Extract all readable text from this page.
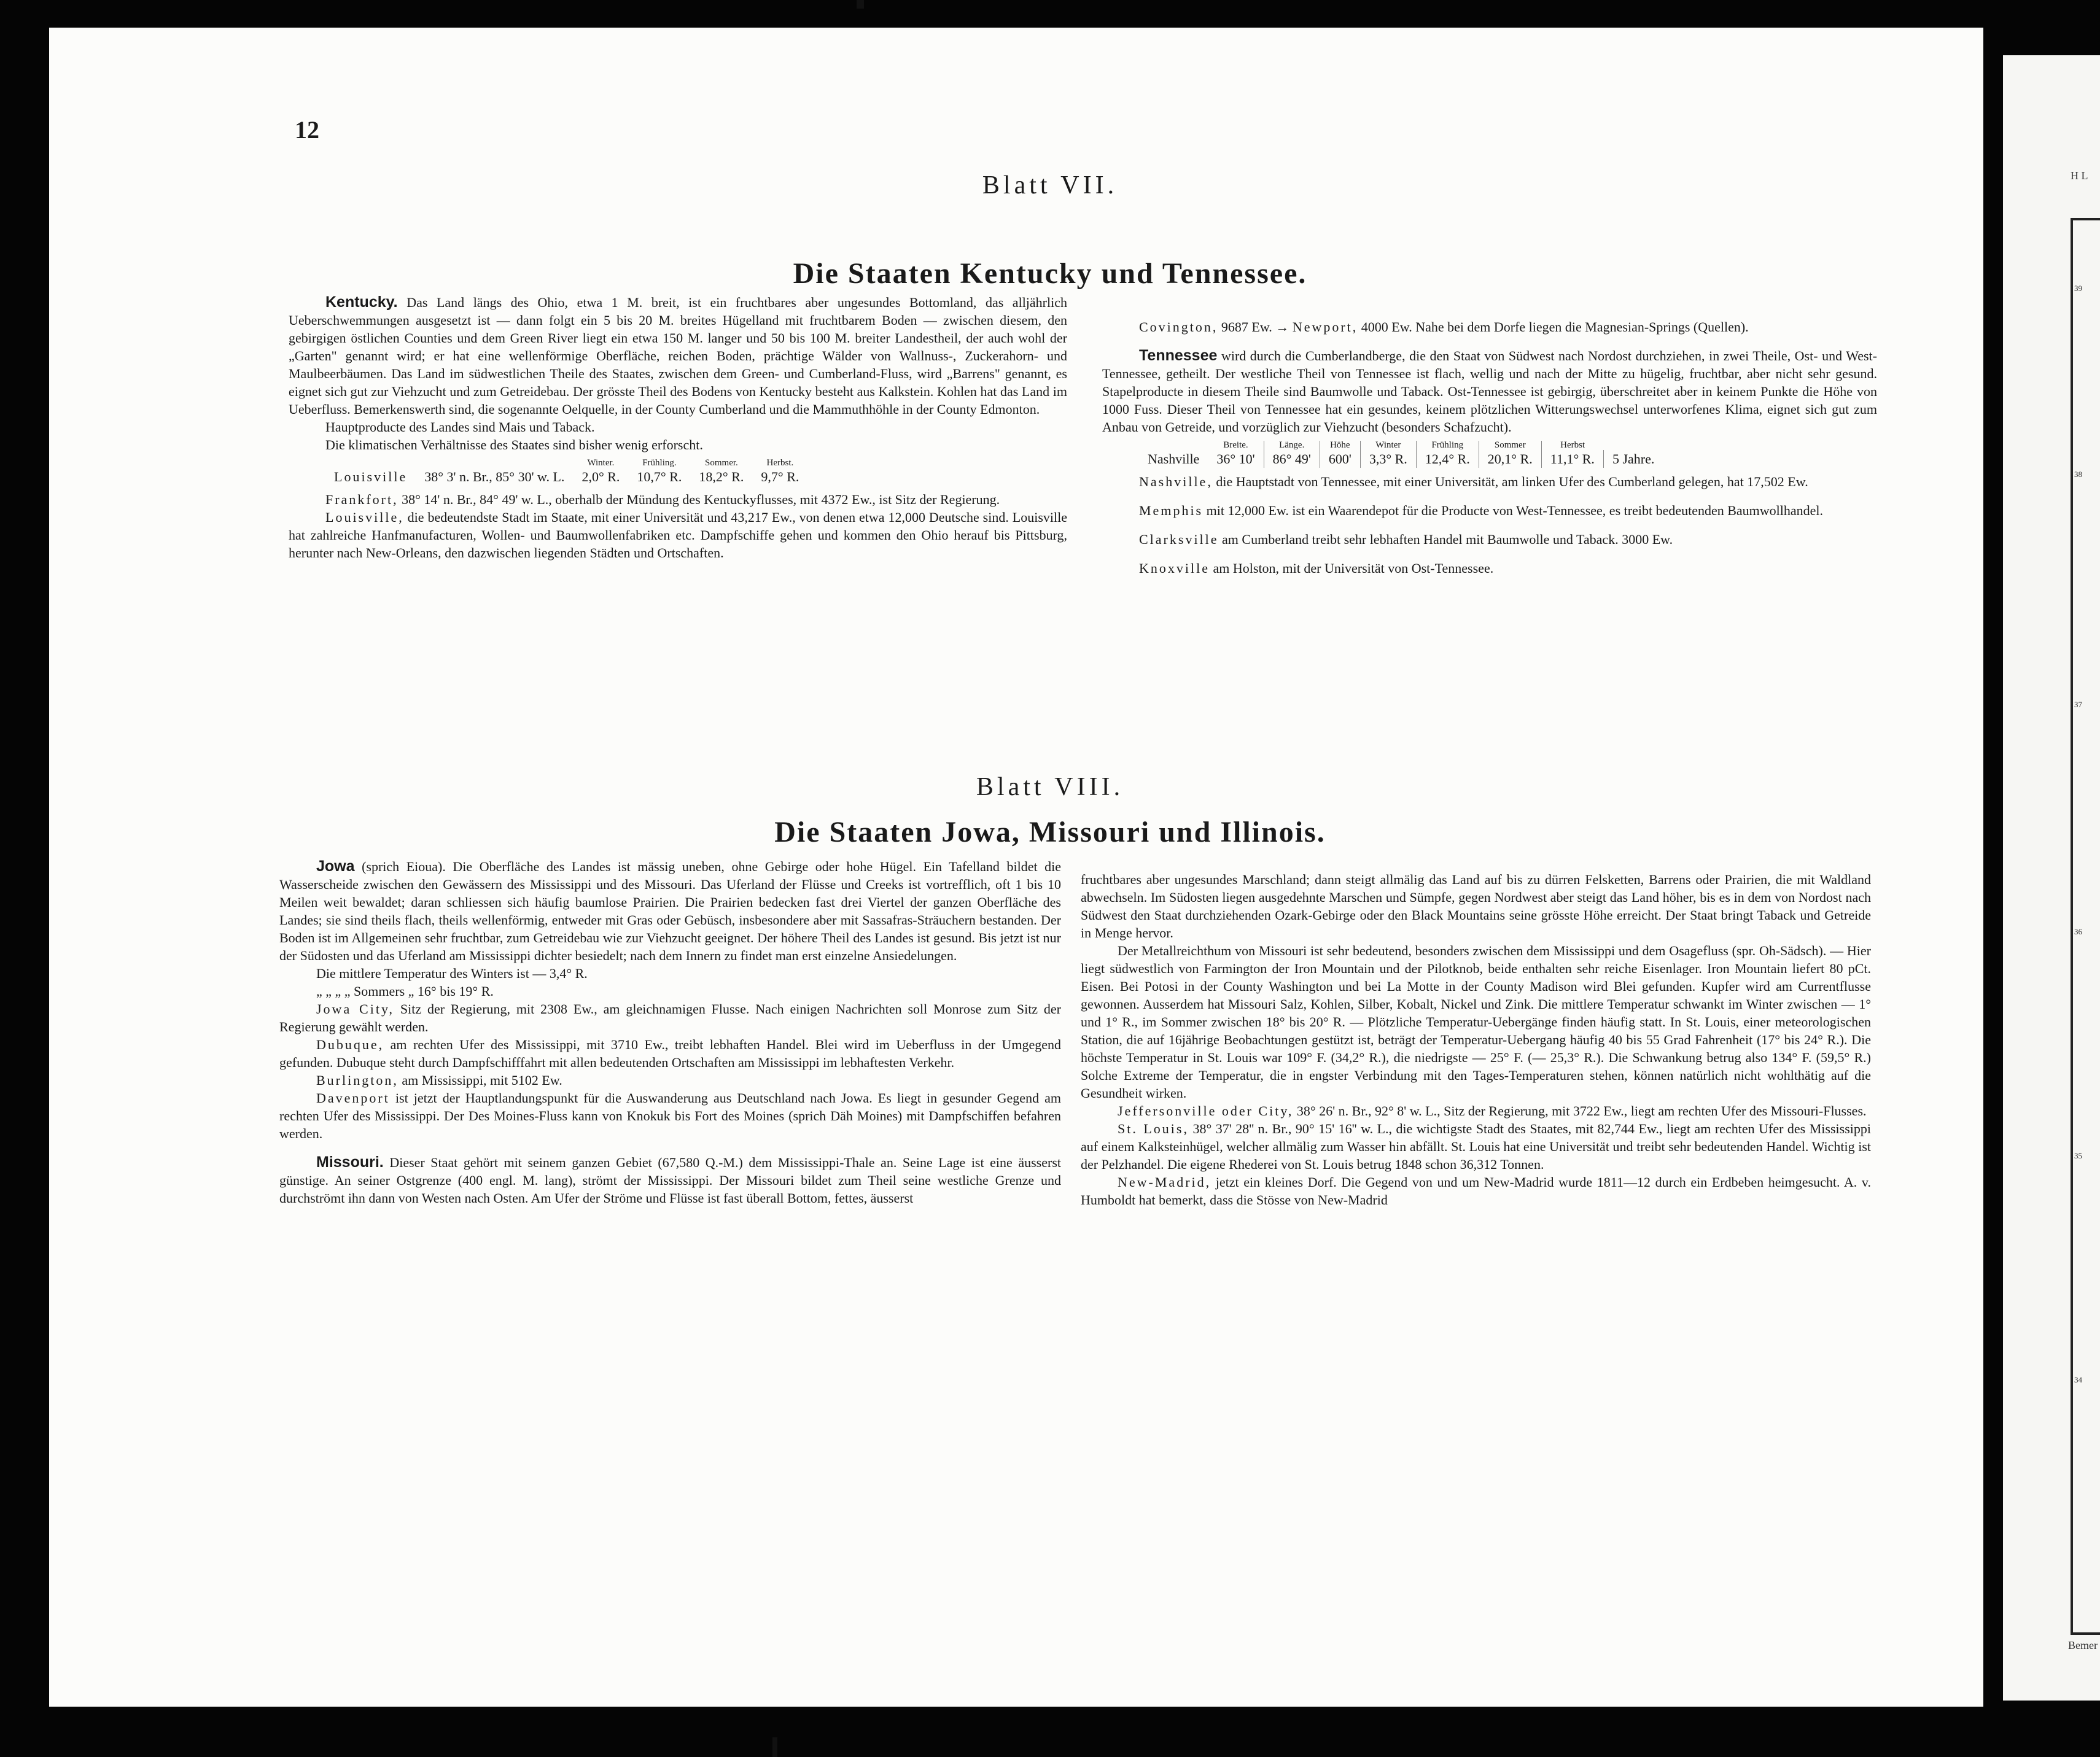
H L
39
38
37
36
35
34
Bemer
12
Blatt VII.
Die Staaten Kentucky und Tennessee.

Kentucky. Das Land längs des Ohio, etwa 1 M. breit, ist ein fruchtbares aber ungesundes Bottomland, das alljährlich Ueberschwemmungen ausgesetzt ist — dann folgt ein 5 bis 20 M. breites Hügelland mit fruchtbarem Boden — zwischen diesem, den gebirgigen östlichen Counties und dem Green River liegt ein etwa 150 M. langer und 50 bis 100 M. breiter Landestheil, der auch wohl der „Garten" genannt wird; er hat eine wellenförmige Oberfläche, reichen Boden, prächtige Wälder von Wallnuss-, Zuckerahorn- und Maulbeerbäumen. Das Land im südwestlichen Theile des Staates, zwischen dem Green- und Cumberland-Fluss, wird „Barrens" genannt, es eignet sich gut zur Viehzucht und zum Getreidebau. Der grösste Theil des Bodens von Kentucky besteht aus Kalkstein. Kohlen hat das Land im Ueberfluss. Bemerkenswerth sind, die sogenannte Oelquelle, in der County Cumberland und die Mammuthhöhle in der County Edmonton.

Hauptproducte des Landes sind Mais und Taback.

Die klimatischen Verhältnisse des Staates sind bisher wenig erforscht.

		Winter.	Frühling.	Sommer.	Herbst.
Louisville	38° 3' n. Br., 85° 30' w. L.	2,0° R.	10,7° R.	18,2° R.	9,7° R.

Frankfort, 38° 14' n. Br., 84° 49' w. L., oberhalb der Mündung des Kentuckyflusses, mit 4372 Ew., ist Sitz der Regierung.

Louisville, die bedeutendste Stadt im Staate, mit einer Universität und 43,217 Ew., von denen etwa 12,000 Deutsche sind. Louisville hat zahlreiche Hanfmanufacturen, Wollen- und Baumwollenfabriken etc. Dampfschiffe gehen und kommen den Ohio herauf bis Pittsburg, herunter nach New-Orleans, den dazwischen liegenden Städten und Ortschaften.

Covington, 9687 Ew. → Newport, 4000 Ew. Nahe bei dem Dorfe liegen die Magnesian-Springs (Quellen).

Tennessee wird durch die Cumberlandberge, die den Staat von Südwest nach Nordost durchziehen, in zwei Theile, Ost- und West-Tennessee, getheilt. Der westliche Theil von Tennessee ist flach, wellig und nach der Mitte zu hügelig, fruchtbar, aber nicht sehr gesund. Stapelproducte in diesem Theile sind Baumwolle und Taback. Ost-Tennessee ist gebirgig, überschreitet aber in keinem Punkte die Höhe von 1000 Fuss. Dieser Theil von Tennessee hat ein gesundes, keinem plötzlichen Witterungswechsel unterworfenes Klima, eignet sich gut zum Anbau von Getreide, und vorzüglich zur Viehzucht (besonders Schafzucht).

	Breite.	Länge.	Höhe	Winter	Frühling	Sommer	Herbst	
Nashville	36° 10'	86° 49'	600'	3,3° R.	12,4° R.	20,1° R.	11,1° R.	5 Jahre.

Nashville, die Hauptstadt von Tennessee, mit einer Universität, am linken Ufer des Cumberland gelegen, hat 17,502 Ew.

Memphis mit 12,000 Ew. ist ein Waarendepot für die Producte von West-Tennessee, es treibt bedeutenden Baumwollhandel.

Clarksville am Cumberland treibt sehr lebhaften Handel mit Baumwolle und Taback. 3000 Ew.

Knoxville am Holston, mit der Universität von Ost-Tennessee.

Blatt VIII.
Die Staaten Jowa, Missouri und Illinois.

Jowa (sprich Eioua). Die Oberfläche des Landes ist mässig uneben, ohne Gebirge oder hohe Hügel. Ein Tafelland bildet die Wasserscheide zwischen den Gewässern des Mississippi und des Missouri. Das Uferland der Flüsse und Creeks ist vortrefflich, oft 1 bis 10 Meilen weit bewaldet; daran schliessen sich häufig baumlose Prairien. Die Prairien bedecken fast drei Viertel der ganzen Oberfläche des Landes; sie sind theils flach, theils wellenförmig, entweder mit Gras oder Gebüsch, insbesondere aber mit Sassafras-Sträuchern bestanden. Der Boden ist im Allgemeinen sehr fruchtbar, zum Getreidebau wie zur Viehzucht geeignet. Der höhere Theil des Landes ist gesund. Bis jetzt ist nur der Südosten und das Uferland am Mississippi dichter besiedelt; nach dem Innern zu findet man erst einzelne Ansiedelungen.

Die mittlere Temperatur des Winters ist — 3,4° R.

„ „ „ „ Sommers „ 16° bis 19° R.

Jowa City, Sitz der Regierung, mit 2308 Ew., am gleichnamigen Flusse. Nach einigen Nachrichten soll Monrose zum Sitz der Regierung gewählt werden.

Dubuque, am rechten Ufer des Mississippi, mit 3710 Ew., treibt lebhaften Handel. Blei wird im Ueberfluss in der Umgegend gefunden. Dubuque steht durch Dampfschifffahrt mit allen bedeutenden Ortschaften am Mississippi im lebhaftesten Verkehr.

Burlington, am Mississippi, mit 5102 Ew.

Davenport ist jetzt der Hauptlandungspunkt für die Auswanderung aus Deutschland nach Jowa. Es liegt in gesunder Gegend am rechten Ufer des Mississippi. Der Des Moines-Fluss kann von Knokuk bis Fort des Moines (sprich Däh Moines) mit Dampfschiffen befahren werden.

Missouri. Dieser Staat gehört mit seinem ganzen Gebiet (67,580 Q.-M.) dem Mississippi-Thale an. Seine Lage ist eine äusserst günstige. An seiner Ostgrenze (400 engl. M. lang), strömt der Mississippi. Der Missouri bildet zum Theil seine westliche Grenze und durchströmt ihn dann von Westen nach Osten. Am Ufer der Ströme und Flüsse ist fast überall Bottom, fettes, äusserst

fruchtbares aber ungesundes Marschland; dann steigt allmälig das Land auf bis zu dürren Felsketten, Barrens oder Prairien, die mit Waldland abwechseln. Im Südosten liegen ausgedehnte Marschen und Sümpfe, gegen Nordwest aber steigt das Land höher, bis es in dem von Nordost nach Südwest den Staat durchziehenden Ozark-Gebirge oder den Black Mountains seine grösste Höhe erreicht. Der Staat bringt Taback und Getreide in Menge hervor.

Der Metallreichthum von Missouri ist sehr bedeutend, besonders zwischen dem Mississippi und dem Osagefluss (spr. Oh-Sädsch). — Hier liegt südwestlich von Farmington der Iron Mountain und der Pilotknob, beide enthalten sehr reiche Eisenlager. Iron Mountain liefert 80 pCt. Eisen. Bei Potosi in der County Washington und bei La Motte in der County Madison wird Blei gefunden. Kupfer wird am Currentflusse gewonnen. Ausserdem hat Missouri Salz, Kohlen, Silber, Kobalt, Nickel und Zink. Die mittlere Temperatur schwankt im Winter zwischen — 1° und 1° R., im Sommer zwischen 18° bis 20° R. — Plötzliche Temperatur-Uebergänge finden häufig statt. In St. Louis, einer meteorologischen Station, die auf 16jährige Beobachtungen gestützt ist, beträgt der Temperatur-Uebergang häufig 40 bis 55 Grad Fahrenheit (17° bis 24° R.). Die höchste Temperatur in St. Louis war 109° F. (34,2° R.), die niedrigste — 25° F. (— 25,3° R.). Die Schwankung betrug also 134° F. (59,5° R.) Solche Extreme der Temperatur, die in engster Verbindung mit den Tages-Temperaturen stehen, können natürlich nicht wohlthätig auf die Gesundheit wirken.

Jeffersonville oder City, 38° 26' n. Br., 92° 8' w. L., Sitz der Regierung, mit 3722 Ew., liegt am rechten Ufer des Missouri-Flusses.

St. Louis, 38° 37' 28'' n. Br., 90° 15' 16'' w. L., die wichtigste Stadt des Staates, mit 82,744 Ew., liegt am rechten Ufer des Mississippi auf einem Kalksteinhügel, welcher allmälig zum Wasser hin abfällt. St. Louis hat eine Universität und treibt sehr bedeutenden Handel. Wichtig ist der Pelzhandel. Die eigene Rhederei von St. Louis betrug 1848 schon 36,312 Tonnen.

New-Madrid, jetzt ein kleines Dorf. Die Gegend von und um New-Madrid wurde 1811—12 durch ein Erdbeben heimgesucht. A. v. Humboldt hat bemerkt, dass die Stösse von New-Madrid
